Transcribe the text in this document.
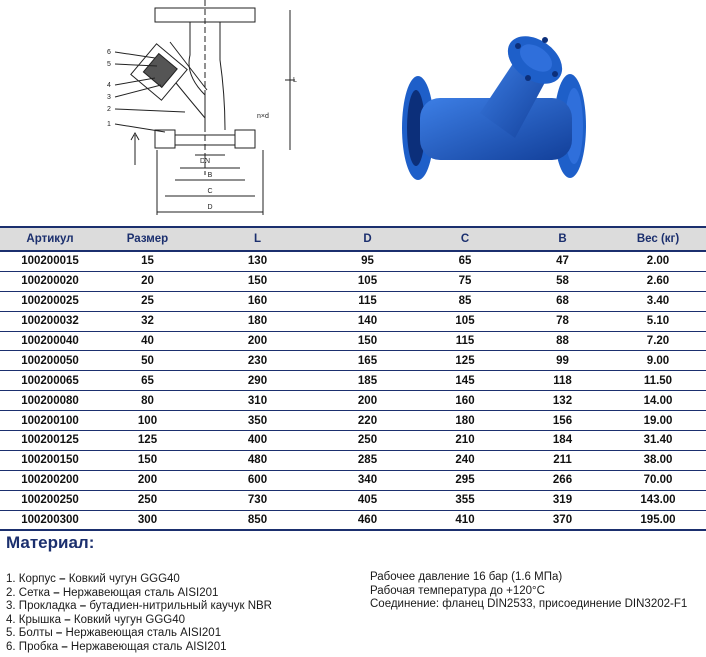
6
5
4
3
2
1
L
DN
B
C
D
n×d
Артикул	Размер	L	D	C	B	Вес (кг)
100200015	15	130	95	65	47	2.00
100200020	20	150	105	75	58	2.60
100200025	25	160	115	85	68	3.40
100200032	32	180	140	105	78	5.10
100200040	40	200	150	115	88	7.20
100200050	50	230	165	125	99	9.00
100200065	65	290	185	145	118	11.50
100200080	80	310	200	160	132	14.00
100200100	100	350	220	180	156	19.00
100200125	125	400	250	210	184	31.40
100200150	150	480	285	240	211	38.00
100200200	200	600	340	295	266	70.00
100200250	250	730	405	355	319	143.00
100200300	300	850	460	410	370	195.00
Материал:
1. Корпус – Ковкий чугун GGG40
2. Сетка – Нержавеющая сталь AISI201
3. Прокладка – бутадиен-нитрильный каучук NBR
4. Крышка – Ковкий чугун GGG40
5. Болты – Нержавеющая сталь AISI201
6. Пробка – Нержавеющая сталь AISI201
Рабочее давление 16 бар (1.6 МПа)
Рабочая температура до +120°С
Соединение: фланец DIN2533, присоединение DIN3202-F1
